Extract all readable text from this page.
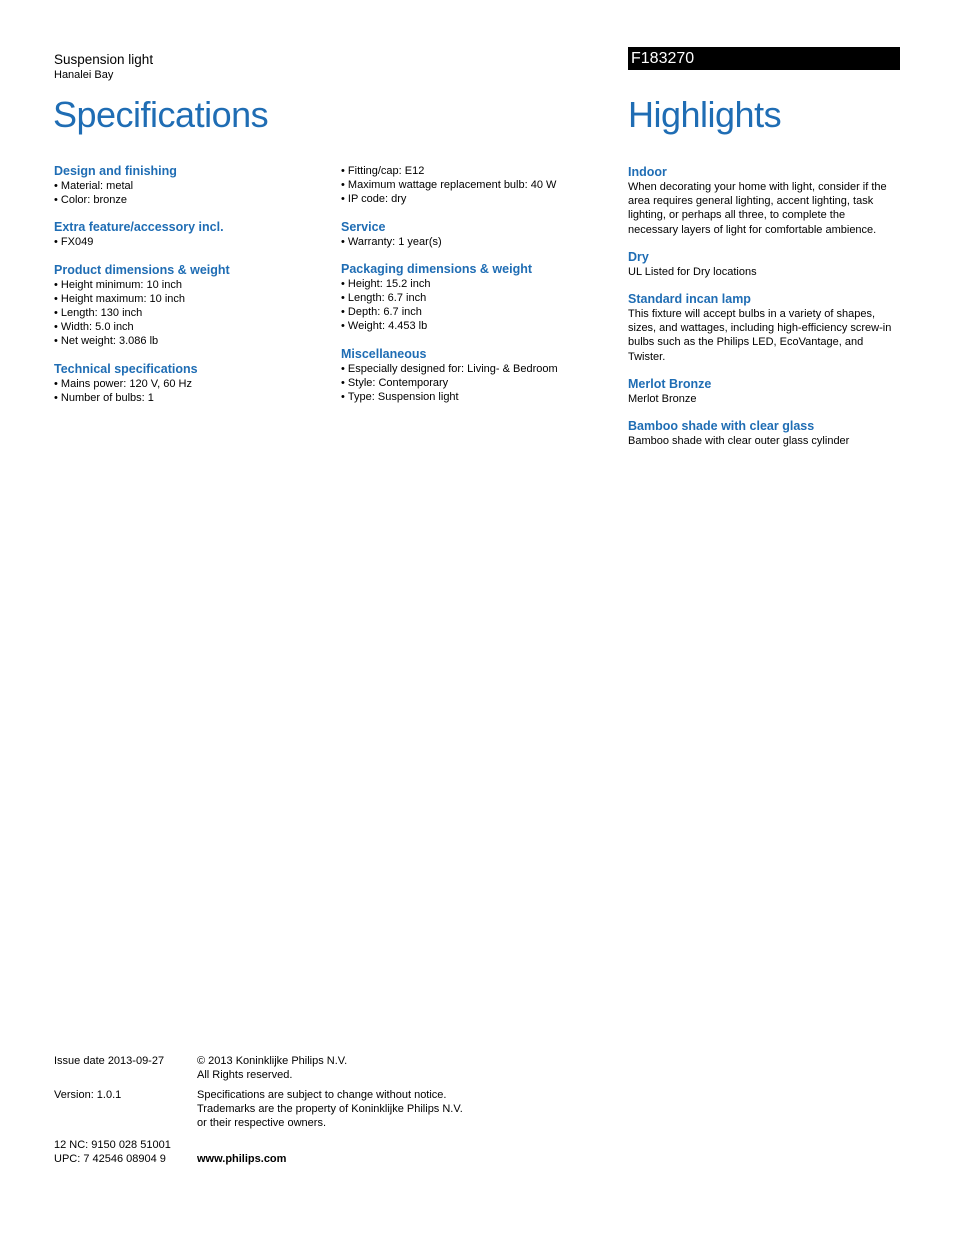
Suspension light
Hanalei Bay
F183270
Specifications	Highlights
Design and finishing
• Material: metal
• Color: bronze
Extra feature/accessory incl.
• FX049
Product dimensions & weight
• Height minimum: 10 inch
• Height maximum: 10 inch
• Length: 130 inch
• Width: 5.0 inch
• Net weight: 3.086 lb
Technical specifications
• Mains power: 120 V, 60 Hz
• Number of bulbs: 1
• Fitting/cap: E12
• Maximum wattage replacement bulb: 40 W
• IP code: dry
Service
• Warranty: 1 year(s)
Packaging dimensions & weight
• Height: 15.2 inch
• Length: 6.7 inch
• Depth: 6.7 inch
• Weight: 4.453 lb
Miscellaneous
• Especially designed for: Living- & Bedroom
• Style: Contemporary
• Type: Suspension light
Indoor
When decorating your home with light, consider if the
area requires general lighting, accent lighting, task
lighting, or perhaps all three, to complete the
necessary layers of light for comfortable ambience.
Dry
UL Listed for Dry locations
Standard incan lamp
This fixture will accept bulbs in a variety of shapes,
sizes, and wattages, including high-efficiency screw-in
bulbs such as the Philips LED, EcoVantage, and
Twister.
Merlot Bronze
Merlot Bronze
Bamboo shade with clear glass
Bamboo shade with clear outer glass cylinder
Issue date 2013-09-27
Version: 1.0.1
12 NC: 9150 028 51001
UPC: 7 42546 08904 9
© 2013 Koninklijke Philips N.V.
All Rights reserved.
Specifications are subject to change without notice.
Trademarks are the property of Koninklijke Philips N.V.
or their respective owners.
www.philips.com
